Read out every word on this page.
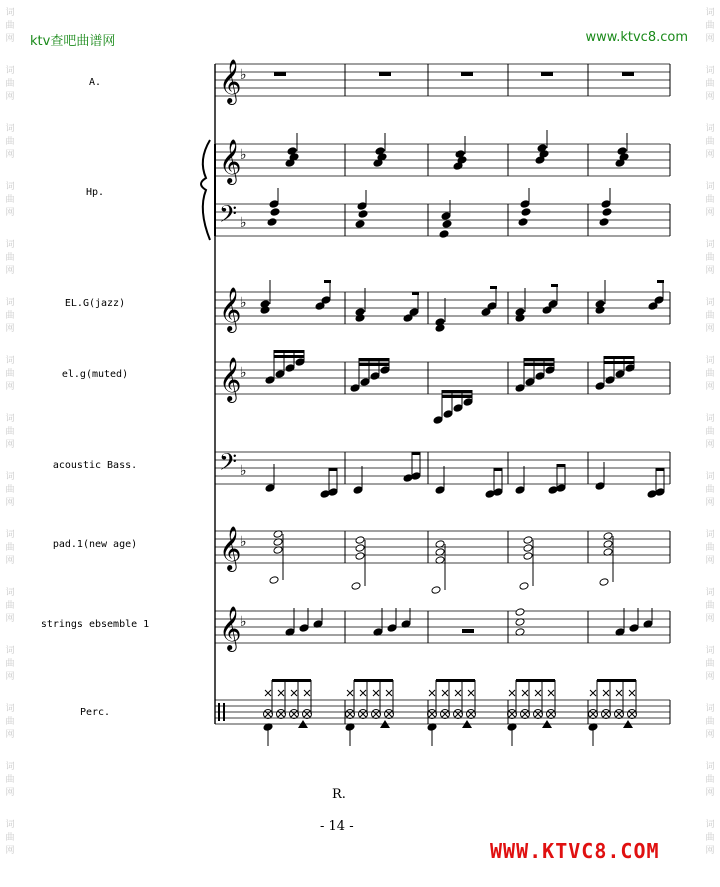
词
曲
网
词
曲
网
词
曲
网
词
曲
网
词
曲
网
词
曲
网
词
曲
网
词
曲
网
词
曲
网
词
曲
网
词
曲
网
词
曲
网
词
曲
网
词
曲
网
词
曲
网
词
曲
网
词
曲
网
词
曲
网
词
曲
网
词
曲
网
词
曲
网
词
曲
网
词
曲
网
词
曲
网
词
曲
网
词
曲
网
词
曲
网
词
曲
网
词
曲
网
词
曲
网
ktv查吧曲谱网	www.ktvc8.com
A.
Hp.
EL.G(jazz)
el.g(muted)
acoustic Bass.
pad.1(new age)
strings ebsemble 1
Perc.
𝄞
♭
𝄞
♭
𝄢 ♭
𝄞
♭
𝄞
♭
𝄢 ♭
𝄞
♭
𝄞
♭
R.
- 14 -
WWW.KTVC8.COM
